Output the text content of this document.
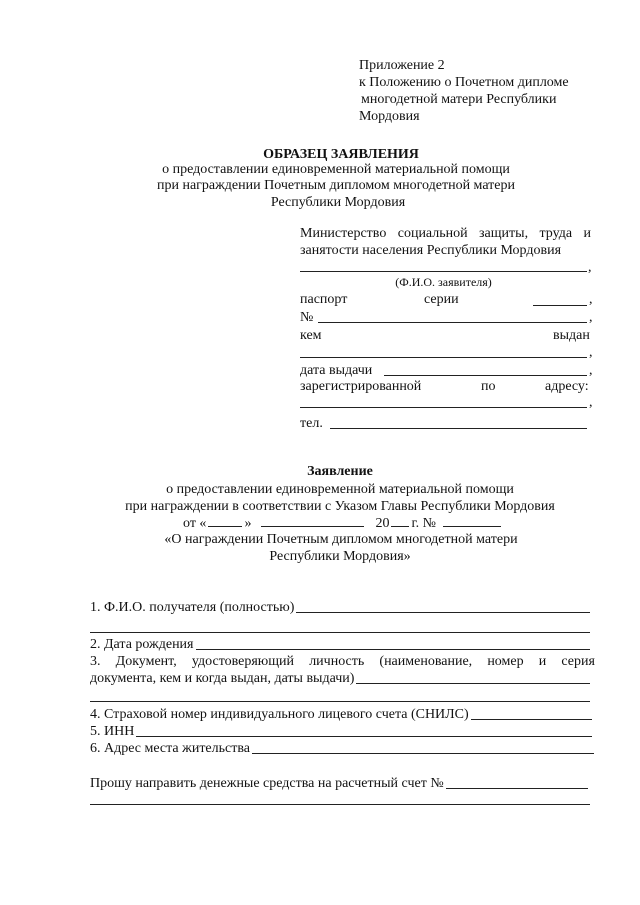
Приложение 2
к Положению о Почетном дипломе
многодетной матери Республики
Мордовия
ОБРАЗЕЦ ЗАЯВЛЕНИЯ
о предоставлении единовременной материальной помощи
при награждении Почетным дипломом многодетной матери
Республики Мордовия
Министерство социальной защиты, труда и
занятости населения Республики Мордовия
,
(Ф.И.О. заявителя)
паспорт	серии	,
№	,
кем	выдан
,
дата выдачи	,
зарегистрированной	по	адресу:
,
тел.
Заявление
о предоставлении единовременной материальной помощи
при награждении в соответствии с Указом Главы Республики Мордовия
от «	»	20 г. №
«О награждении Почетным дипломом многодетной матери
Республики Мордовия»
1. Ф.И.О. получателя (полностью)
2. Дата рождения
3. Документ, удостоверяющий личность (наименование, номер и серия
документа, кем и когда выдан, даты выдачи)
4. Страховой номер индивидуального лицевого счета (СНИЛС)
5. ИНН
6. Адрес места жительства
Прошу направить денежные средства на расчетный счет №
